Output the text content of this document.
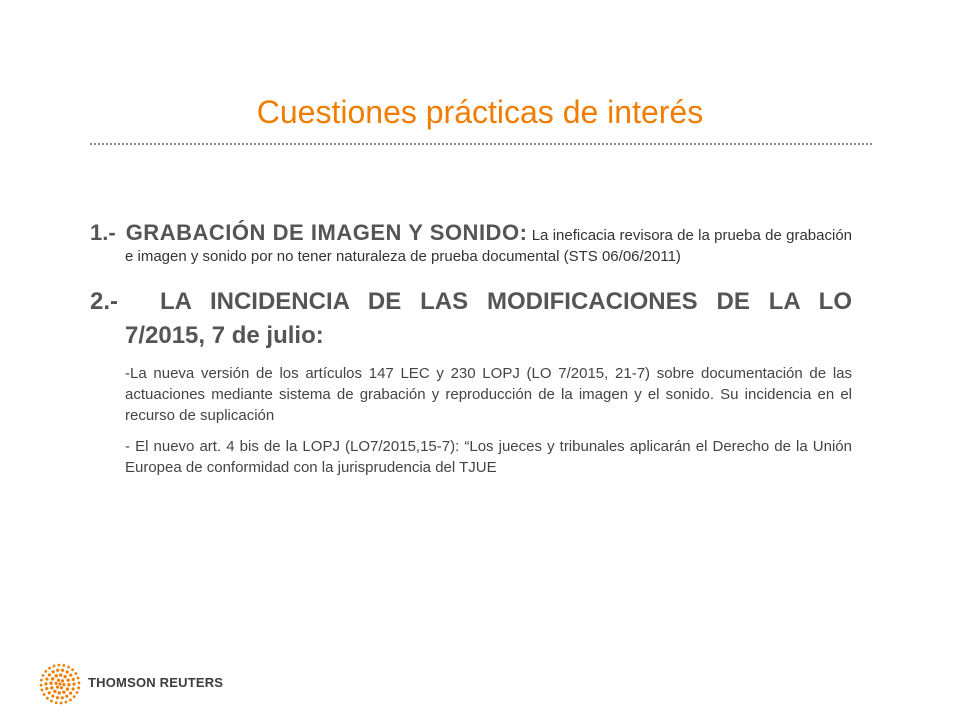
Cuestiones prácticas de interés

1.- GRABACIÓN DE IMAGEN Y SONIDO: La ineficacia revisora de la prueba de grabación e imagen y sonido por no tener naturaleza de prueba documental (STS 06/06/2011)

2.- LA INCIDENCIA DE LAS MODIFICACIONES DE LA LO 7/2015, 7 de julio:

-La nueva versión de los artículos 147 LEC y 230 LOPJ (LO 7/2015, 21-7) sobre documentación de las actuaciones mediante sistema de grabación y reproducción de la imagen y el sonido. Su incidencia en el recurso de suplicación

- El nuevo art. 4 bis de la LOPJ (LO7/2015,15-7): “Los jueces y tribunales aplicarán el Derecho de la Unión Europea de conformidad con la jurisprudencia del TJUE

THOMSON REUTERS
